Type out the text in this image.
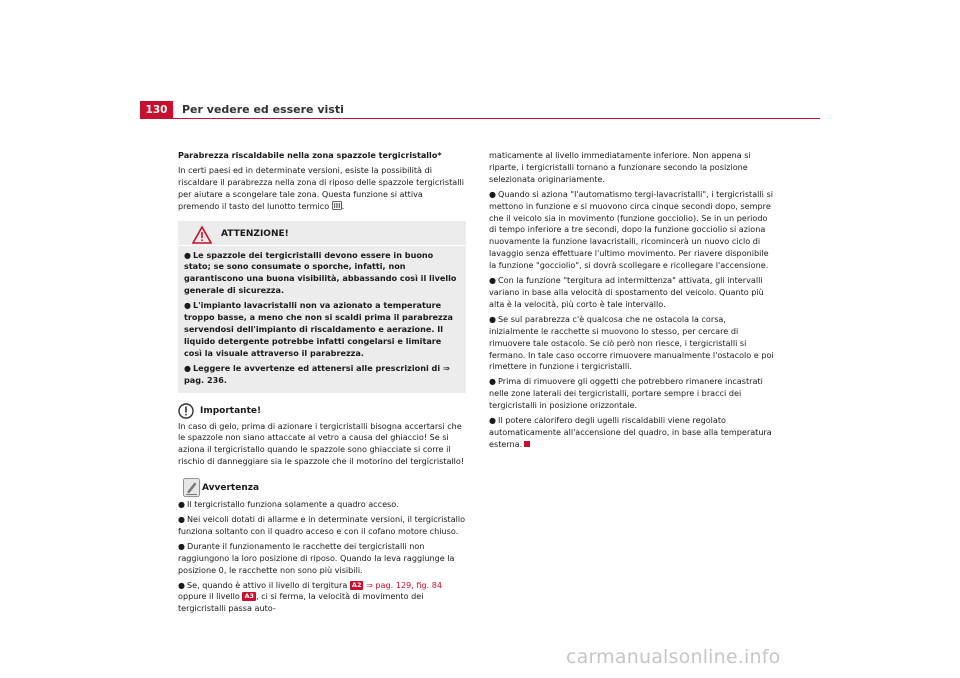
130	Per vedere ed essere visti

Parabrezza riscaldabile nella zona spazzole tergicristallo*

In certi paesi ed in determinate versioni, esiste la possibilità di riscaldare il parabrezza nella zona di riposo delle spazzole tergicristalli per aiutare a scongelare tale zona. Questa funzione si attiva premendo il tasto del lunotto termico .

ATTENZIONE!

● Le spazzole dei tergicristalli devono essere in buono stato; se sono consumate o sporche, infatti, non garantiscono una buona visibilità, abbassando così il livello generale di sicurezza.

● L'impianto lavacristalli non va azionato a temperature troppo basse, a meno che non si scaldi prima il parabrezza servendosi dell'impianto di riscaldamento e aerazione. Il liquido detergente potrebbe infatti congelarsi e limitare così la visuale attraverso il parabrezza.

● Leggere le avvertenze ed attenersi alle prescrizioni di ⇒ pag. 236.

Importante!

In caso di gelo, prima di azionare i tergicristalli bisogna accertarsi che le spazzole non siano attaccate al vetro a causa del ghiaccio! Se si aziona il tergicristallo quando le spazzole sono ghiacciate si corre il rischio di danneggiare sia le spazzole che il motorino del tergicristallo!

Avvertenza

● Il tergicristallo funziona solamente a quadro acceso.

● Nei veicoli dotati di allarme e in determinate versioni, il tergicristallo funziona soltanto con il quadro acceso e con il cofano motore chiuso.

● Durante il funzionamento le racchette dei tergicristalli non raggiungono la loro posizione di riposo. Quando la leva raggiunge la posizione 0, le racchette non sono più visibili.

● Se, quando è attivo il livello di tergitura A2 ⇒ pag. 129, fig. 84 oppure il livello A3 , ci si ferma, la velocità di movimento dei tergicristalli passa auto-

maticamente al livello immediatamente inferiore. Non appena si riparte, i tergicristalli tornano a funzionare secondo la posizione selezionata originariamente.

● Quando si aziona "l'automatismo tergi-lavacristalli", i tergicristalli si mettono in funzione e si muovono circa cinque secondi dopo, sempre che il veicolo sia in movimento (funzione gocciolio). Se in un periodo di tempo inferiore a tre secondi, dopo la funzione gocciolio si aziona nuovamente la funzione lavacristalli, ricomincerà un nuovo ciclo di lavaggio senza effettuare l'ultimo movimento. Per riavere disponibile la funzione "gocciolio", si dovrà scollegare e ricollegare l'accensione.

● Con la funzione "tergitura ad intermittenza" attivata, gli intervalli variano in base alla velocità di spostamento del veicolo. Quanto più alta è la velocità, più corto è tale intervallo.

● Se sul parabrezza c'è qualcosa che ne ostacola la corsa, inizialmente le racchette si muovono lo stesso, per cercare di rimuovere tale ostacolo. Se ciò però non riesce, i tergicristalli si fermano. In tale caso occorre rimuovere manualmente l'ostacolo e poi rimettere in funzione i tergicristalli.

● Prima di rimuovere gli oggetti che potrebbero rimanere incastrati nelle zone laterali dei tergicristalli, portare sempre i bracci dei tergicristalli in posizione orizzontale.

● Il potere calorifero degli ugelli riscaldabili viene regolato automaticamente all'accensione del quadro, in base alla temperatura esterna.

carmanualsonline.info
